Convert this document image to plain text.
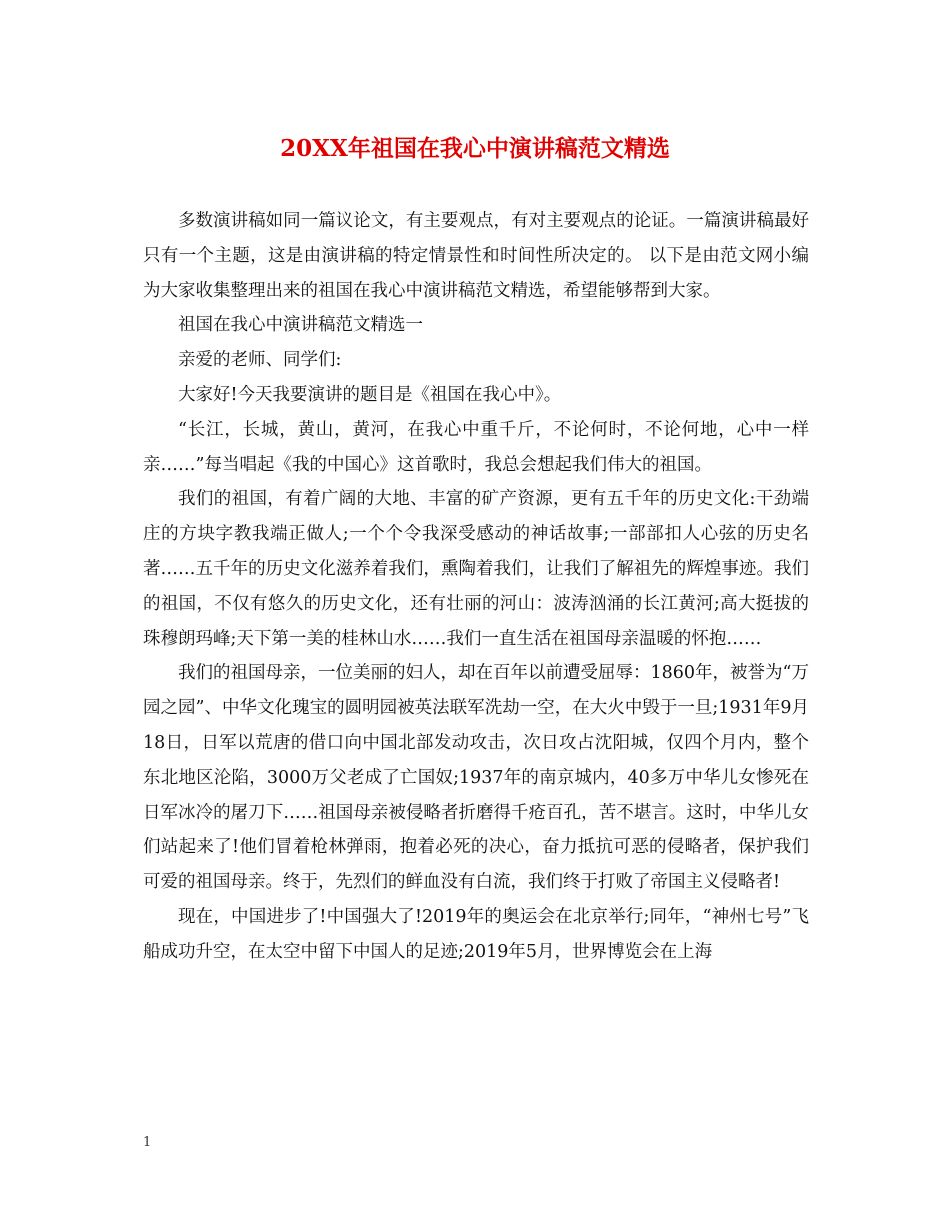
20XX年祖国在我心中演讲稿范文精选

多数演讲稿如同一篇议论文，有主要观点，有对主要观点的论证。一篇演讲稿最好只有一个主题，这是由演讲稿的特定情景性和时间性所决定的。 以下是由范文网小编为大家收集整理出来的祖国在我心中演讲稿范文精选，希望能够帮到大家。

祖国在我心中演讲稿范文精选一

亲爱的老师、同学们:

大家好!今天我要演讲的题目是《祖国在我心中》。

“长江，长城，黄山，黄河，在我心中重千斤，不论何时，不论何地，心中一样亲……”每当唱起《我的中国心》这首歌时，我总会想起我们伟大的祖国。

我们的祖国，有着广阔的大地、丰富的矿产资源，更有五千年的历史文化:干劲端庄的方块字教我端正做人;一个个令我深受感动的神话故事;一部部扣人心弦的历史名著……五千年的历史文化滋养着我们，熏陶着我们，让我们了解祖先的辉煌事迹。我们的祖国，不仅有悠久的历史文化，还有壮丽的河山：波涛汹涌的长江黄河;高大挺拔的珠穆朗玛峰;天下第一美的桂林山水……我们一直生活在祖国母亲温暖的怀抱……

我们的祖国母亲，一位美丽的妇人，却在百年以前遭受屈辱：1860年，被誉为“万园之园”、中华文化瑰宝的圆明园被英法联军洗劫一空，在大火中毁于一旦;1931年9月18日，日军以荒唐的借口向中国北部发动攻击，次日攻占沈阳城，仅四个月内，整个东北地区沦陷，3000万父老成了亡国奴;1937年的南京城内，40多万中华儿女惨死在日军冰冷的屠刀下……祖国母亲被侵略者折磨得千疮百孔，苦不堪言。这时，中华儿女们站起来了!他们冒着枪林弹雨，抱着必死的决心，奋力抵抗可恶的侵略者，保护我们可爱的祖国母亲。终于，先烈们的鲜血没有白流，我们终于打败了帝国主义侵略者!

现在，中国进步了!中国强大了!2019年的奥运会在北京举行;同年，“神州七号”飞船成功升空，在太空中留下中国人的足迹;2019年5月，世界博览会在上海

1
